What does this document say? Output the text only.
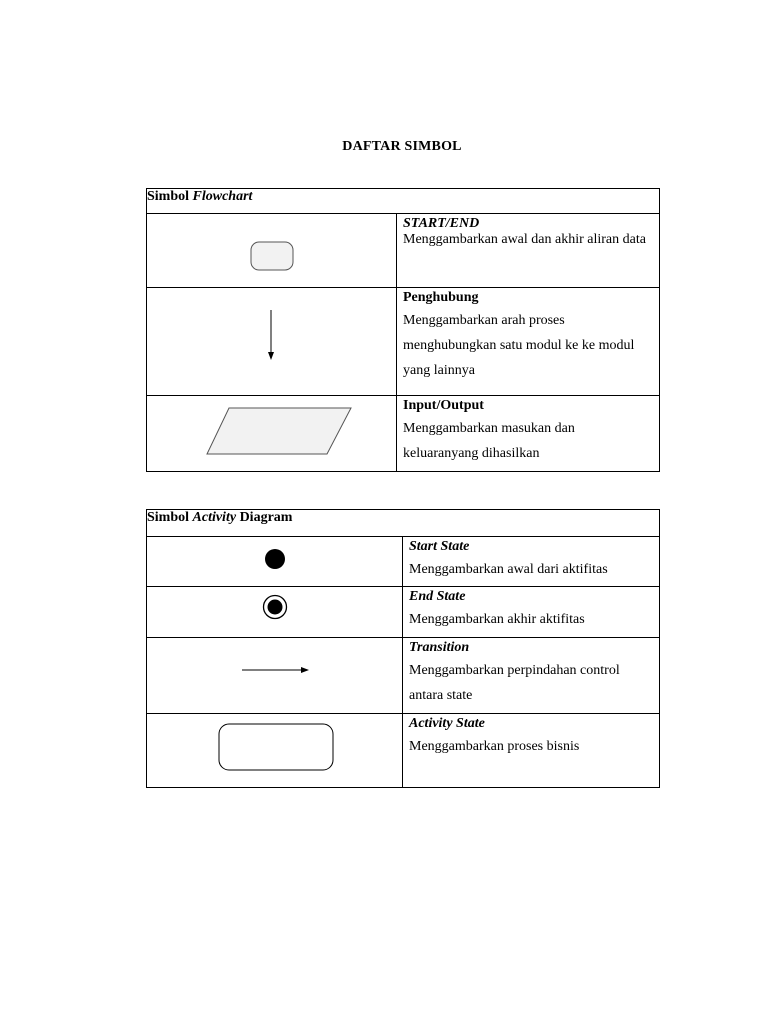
DAFTAR SIMBOL
Simbol Flowchart	

START/END
Menggambarkan awal dan akhir aliran data

Penghubung
Menggambarkan arah proses menghubungkan satu modul ke ke modul yang lainnya

Input/Output
Menggambarkan masukan dan keluaranyang dihasilkan
Simbol Activity Diagram	

Start State
Menggambarkan awal dari aktifitas

End State
Menggambarkan akhir aktifitas

Transition
Menggambarkan perpindahan control antara state

Activity State
Menggambarkan proses bisnis
